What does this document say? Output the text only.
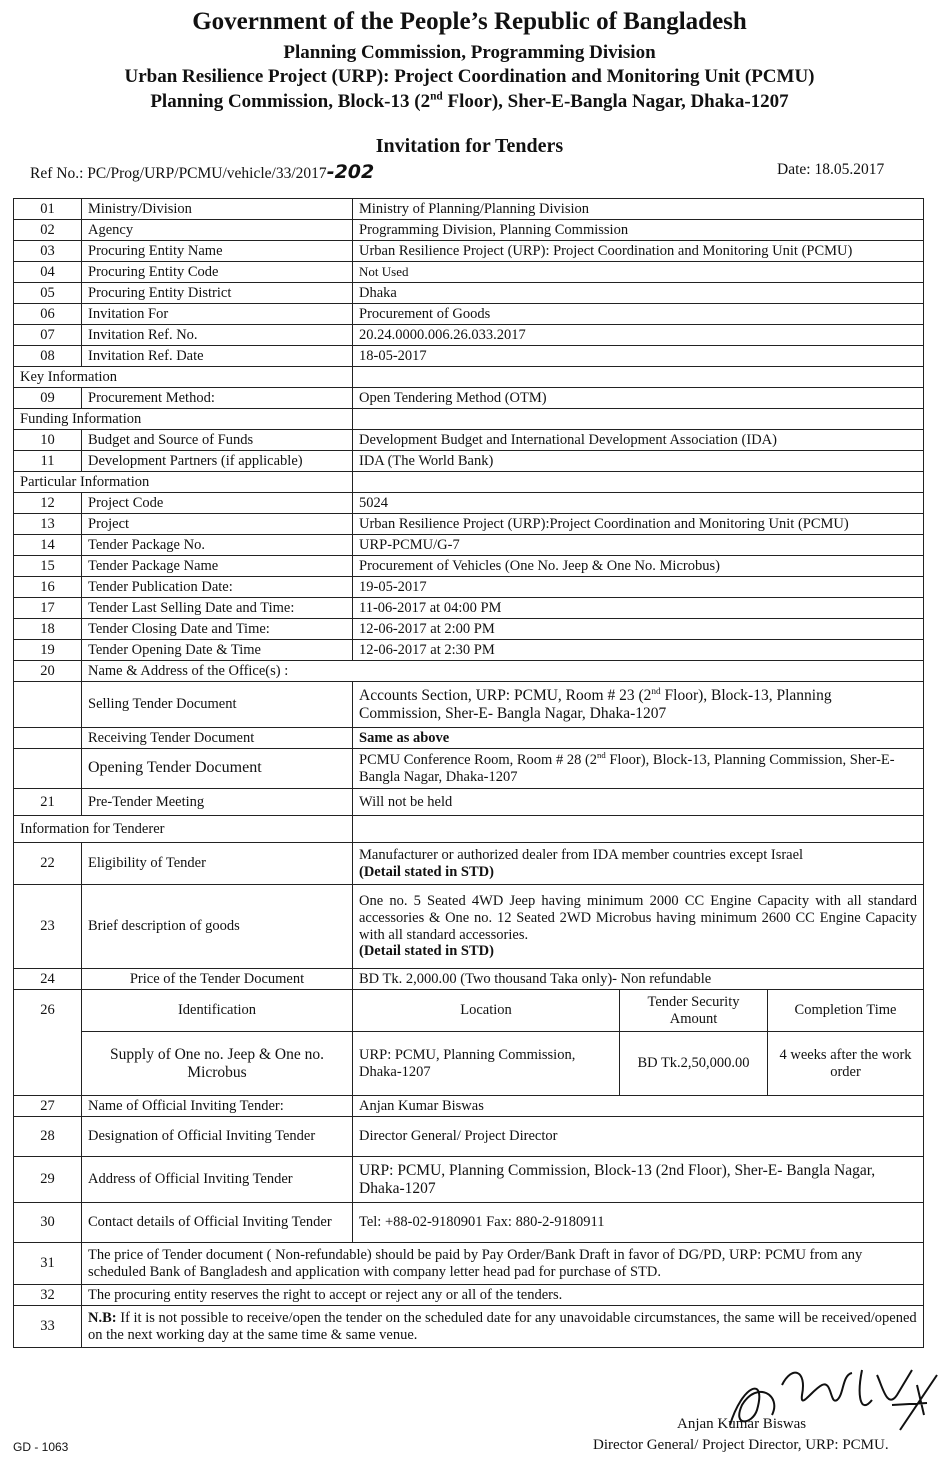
Government of the People’s Republic of Bangladesh
Planning Commission, Programming Division
Urban Resilience Project (URP): Project Coordination and Monitoring Unit (PCMU)
Planning Commission, Block-13 (2nd Floor), Sher-E-Bangla Nagar, Dhaka-1207
Invitation for Tenders
Ref No.: PC/Prog/URP/PCMU/vehicle/33/2017-202	Date: 18.05.2017
01	Ministry/Division	Ministry of Planning/Planning Division		
02	Agency	Programming Division, Planning Commission		
03	Procuring Entity Name	Urban Resilience Project (URP): Project Coordination and Monitoring Unit (PCMU)		
04	Procuring Entity Code	Not Used		
05	Procuring Entity District	Dhaka		
06	Invitation For	Procurement of Goods		
07	Invitation Ref. No.	20.24.0000.006.26.033.2017		
08	Invitation Ref. Date	18-05-2017		
Key Information				
09	Procurement Method:	Open Tendering Method (OTM)		
Funding Information				
10	Budget and Source of Funds	Development Budget and International Development Association (IDA)		
11	Development Partners (if applicable)	IDA (The World Bank)		
Particular Information				
12	Project Code	5024		
13	Project	Urban Resilience Project (URP):Project Coordination and Monitoring Unit (PCMU)		
14	Tender Package No.	URP-PCMU/G-7		
15	Tender Package Name	Procurement of Vehicles (One No. Jeep & One No. Microbus)		
16	Tender Publication Date:	19-05-2017		
17	Tender Last Selling Date and Time:	11-06-2017 at 04:00 PM		
18	Tender Closing Date and Time:	12-06-2017 at 2:00 PM		
19	Tender Opening Date & Time	12-06-2017 at 2:30 PM		
20	Name & Address of the Office(s) :			
	Selling Tender Document	Accounts Section, URP: PCMU, Room # 23 (2nd Floor), Block-13, Planning Commission, Sher-E- Bangla Nagar, Dhaka-1207		
	Receiving Tender Document	Same as above		
	Opening Tender Document	PCMU Conference Room, Room # 28 (2nd Floor), Block-13, Planning Commission, Sher-E-Bangla Nagar, Dhaka-1207		
21	Pre-Tender Meeting	Will not be held		
Information for Tenderer				
22	Eligibility of Tender	Manufacturer or authorized dealer from IDA member countries except Israel
(Detail stated in STD)		
23	Brief description of goods	One no. 5 Seated 4WD Jeep having minimum 2000 CC Engine Capacity with all standard accessories & One no. 12 Seated 2WD Microbus having minimum 2600 CC Engine Capacity with all standard accessories.
(Detail stated in STD)		
24	Price of the Tender Document	BD Tk. 2,000.00 (Two thousand Taka only)- Non refundable		
26	Identification	Location	Tender Security Amount	Completion Time
	Supply of One no. Jeep & One no. Microbus	URP: PCMU, Planning Commission, Dhaka-1207	BD Tk.2,50,000.00	4 weeks after the work order
27	Name of Official Inviting Tender:	Anjan Kumar Biswas		
28	Designation of Official Inviting Tender	Director General/ Project Director		
29	Address of Official Inviting Tender	URP: PCMU, Planning Commission, Block-13 (2nd Floor), Sher-E- Bangla Nagar, Dhaka-1207		
30	Contact details of Official Inviting Tender	Tel: +88-02-9180901 Fax: 880-2-9180911		
31	The price of Tender document ( Non-refundable) should be paid by Pay Order/Bank Draft in favor of DG/PD, URP: PCMU from any scheduled Bank of Bangladesh and application with company letter head pad for purchase of STD.			
32	The procuring entity reserves the right to accept or reject any or all of the tenders.			
33	N.B: If it is not possible to receive/open the tender on the scheduled date for any unavoidable circumstances, the same will be received/opened on the next working day at the same time & same venue.			
Anjan Kumar Biswas
Director General/ Project Director, URP: PCMU.
GD - 1063
